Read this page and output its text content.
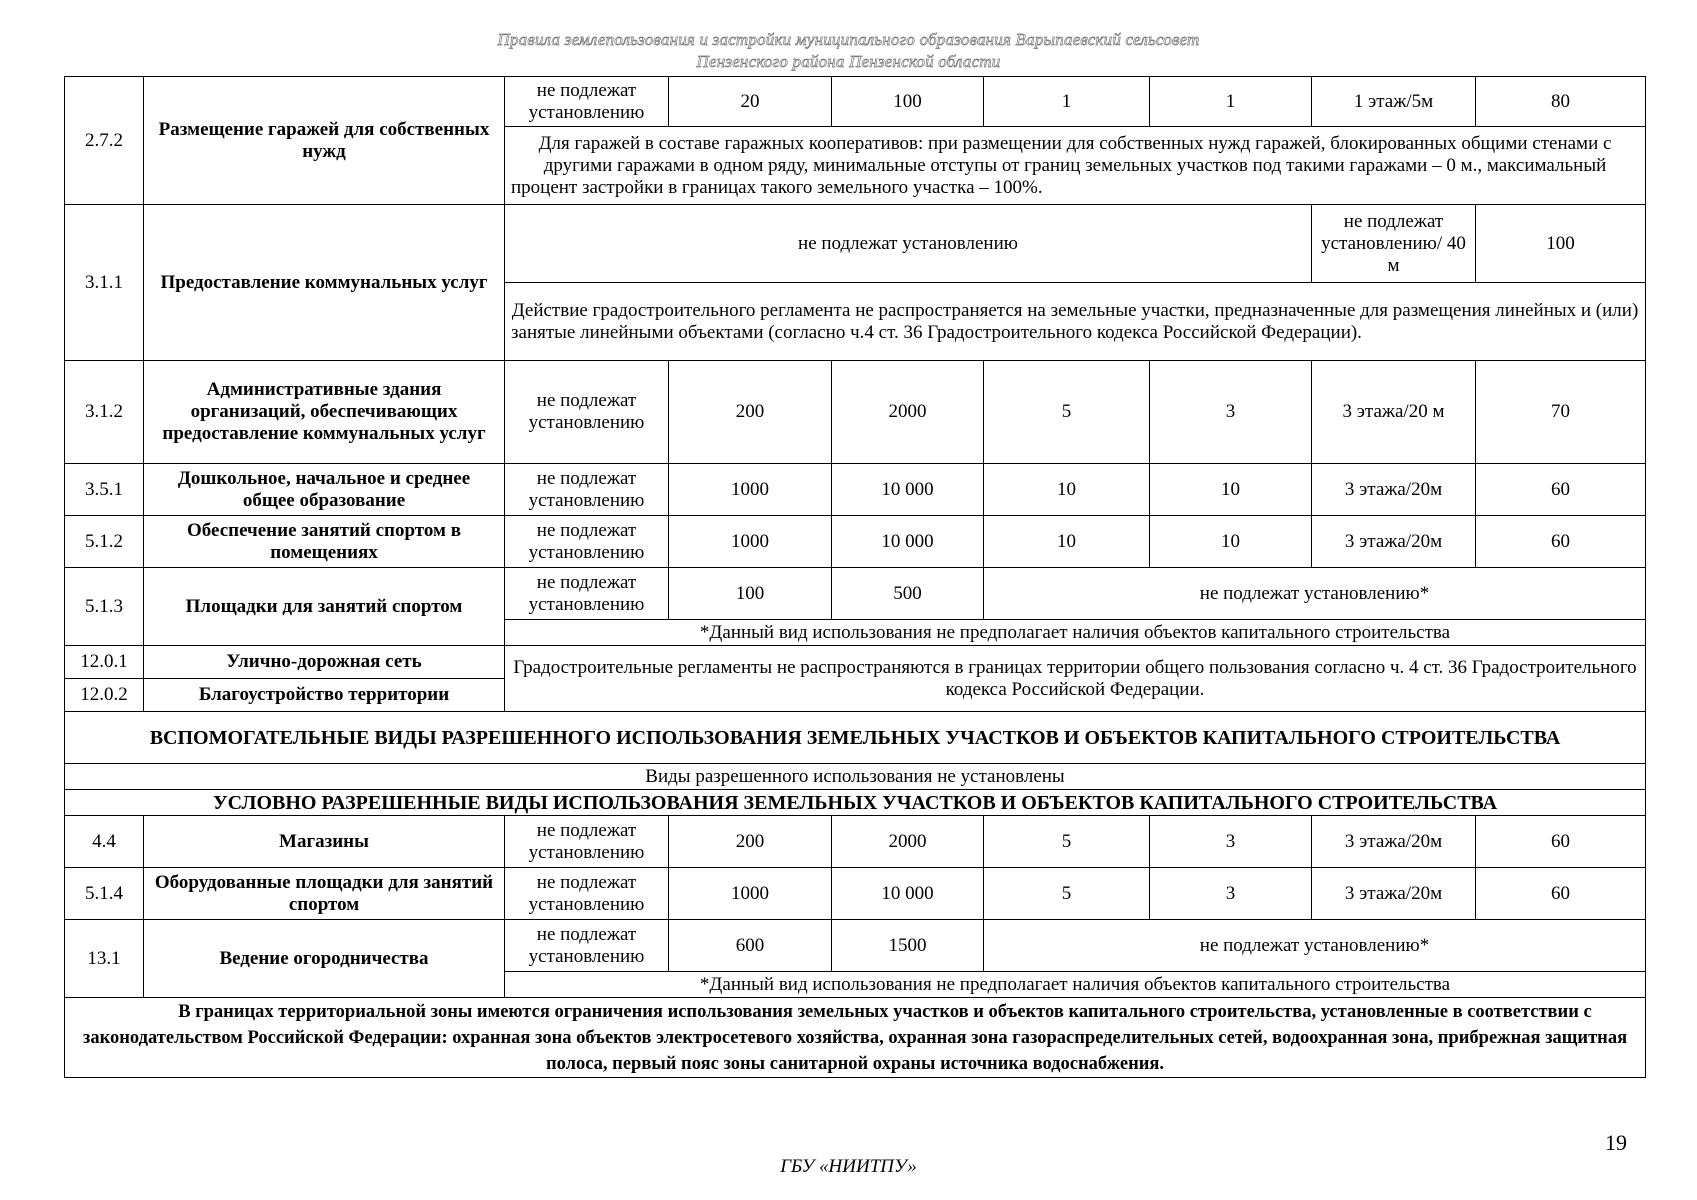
Правила землепользования и застройки муниципального образования Варыпаевский сельсовет
Пензенского района Пензенской области
2.7.2	Размещение гаражей для собственных нужд	не подлежат установлению	20	100	1	1	1 этаж/5м	80
		Для гаражей в составе гаражных кооперативов: при размещении для собственных нужд гаражей, блокированных общими стенами с другими гаражами в одном ряду, минимальные отступы от границ земельных участков под такими гаражами – 0 м., максимальный процент застройки в границах такого земельного участка – 100%.						
3.1.1	Предоставление коммунальных услуг	не подлежат установлению					не подлежат установлению/ 40 м	100
		Действие градостроительного регламента не распространяется на земельные участки, предназначенные для размещения линейных и (или) занятые линейными объектами (согласно ч.4 ст. 36 Градостроительного кодекса Российской Федерации).						
3.1.2	Административные здания организаций, обеспечивающих предоставление коммунальных услуг	не подлежат установлению	200	2000	5	3	3 этажа/20 м	70
3.5.1	Дошкольное, начальное и среднее общее образование	не подлежат установлению	1000	10 000	10	10	3 этажа/20м	60
5.1.2	Обеспечение занятий спортом в помещениях	не подлежат установлению	1000	10 000	10	10	3 этажа/20м	60
5.1.3	Площадки для занятий спортом	не подлежат установлению	100	500	не подлежат установлению*			
		*Данный вид использования не предполагает наличия объектов капитального строительства						
12.0.1	Улично-дорожная сеть	Градостроительные регламенты не распространяются в границах территории общего пользования согласно ч. 4 ст. 36 Градостроительного кодекса Российской Федерации.						
12.0.2	Благоустройство территории							
ВСПОМОГАТЕЛЬНЫЕ ВИДЫ РАЗРЕШЕННОГО ИСПОЛЬЗОВАНИЯ ЗЕМЕЛЬНЫХ УЧАСТКОВ И ОБЪЕКТОВ КАПИТАЛЬНОГО СТРОИТЕЛЬСТВА								
Виды разрешенного использования не установлены								
УСЛОВНО РАЗРЕШЕННЫЕ ВИДЫ ИСПОЛЬЗОВАНИЯ ЗЕМЕЛЬНЫХ УЧАСТКОВ И ОБЪЕКТОВ КАПИТАЛЬНОГО СТРОИТЕЛЬСТВА								
4.4	Магазины	не подлежат установлению	200	2000	5	3	3 этажа/20м	60
5.1.4	Оборудованные площадки для занятий спортом	не подлежат установлению	1000	10 000	5	3	3 этажа/20м	60
13.1	Ведение огородничества	не подлежат установлению	600	1500	не подлежат установлению*			
		*Данный вид использования не предполагает наличия объектов капитального строительства						
В границах территориальной зоны имеются ограничения использования земельных участков и объектов капитального строительства, установленные в соответствии с законодательством Российской Федерации: охранная зона объектов электросетевого хозяйства, охранная зона газораспределительных сетей, водоохранная зона, прибрежная защитная полоса, первый пояс зоны санитарной охраны источника водоснабжения.								
19
ГБУ «НИИТПУ»
